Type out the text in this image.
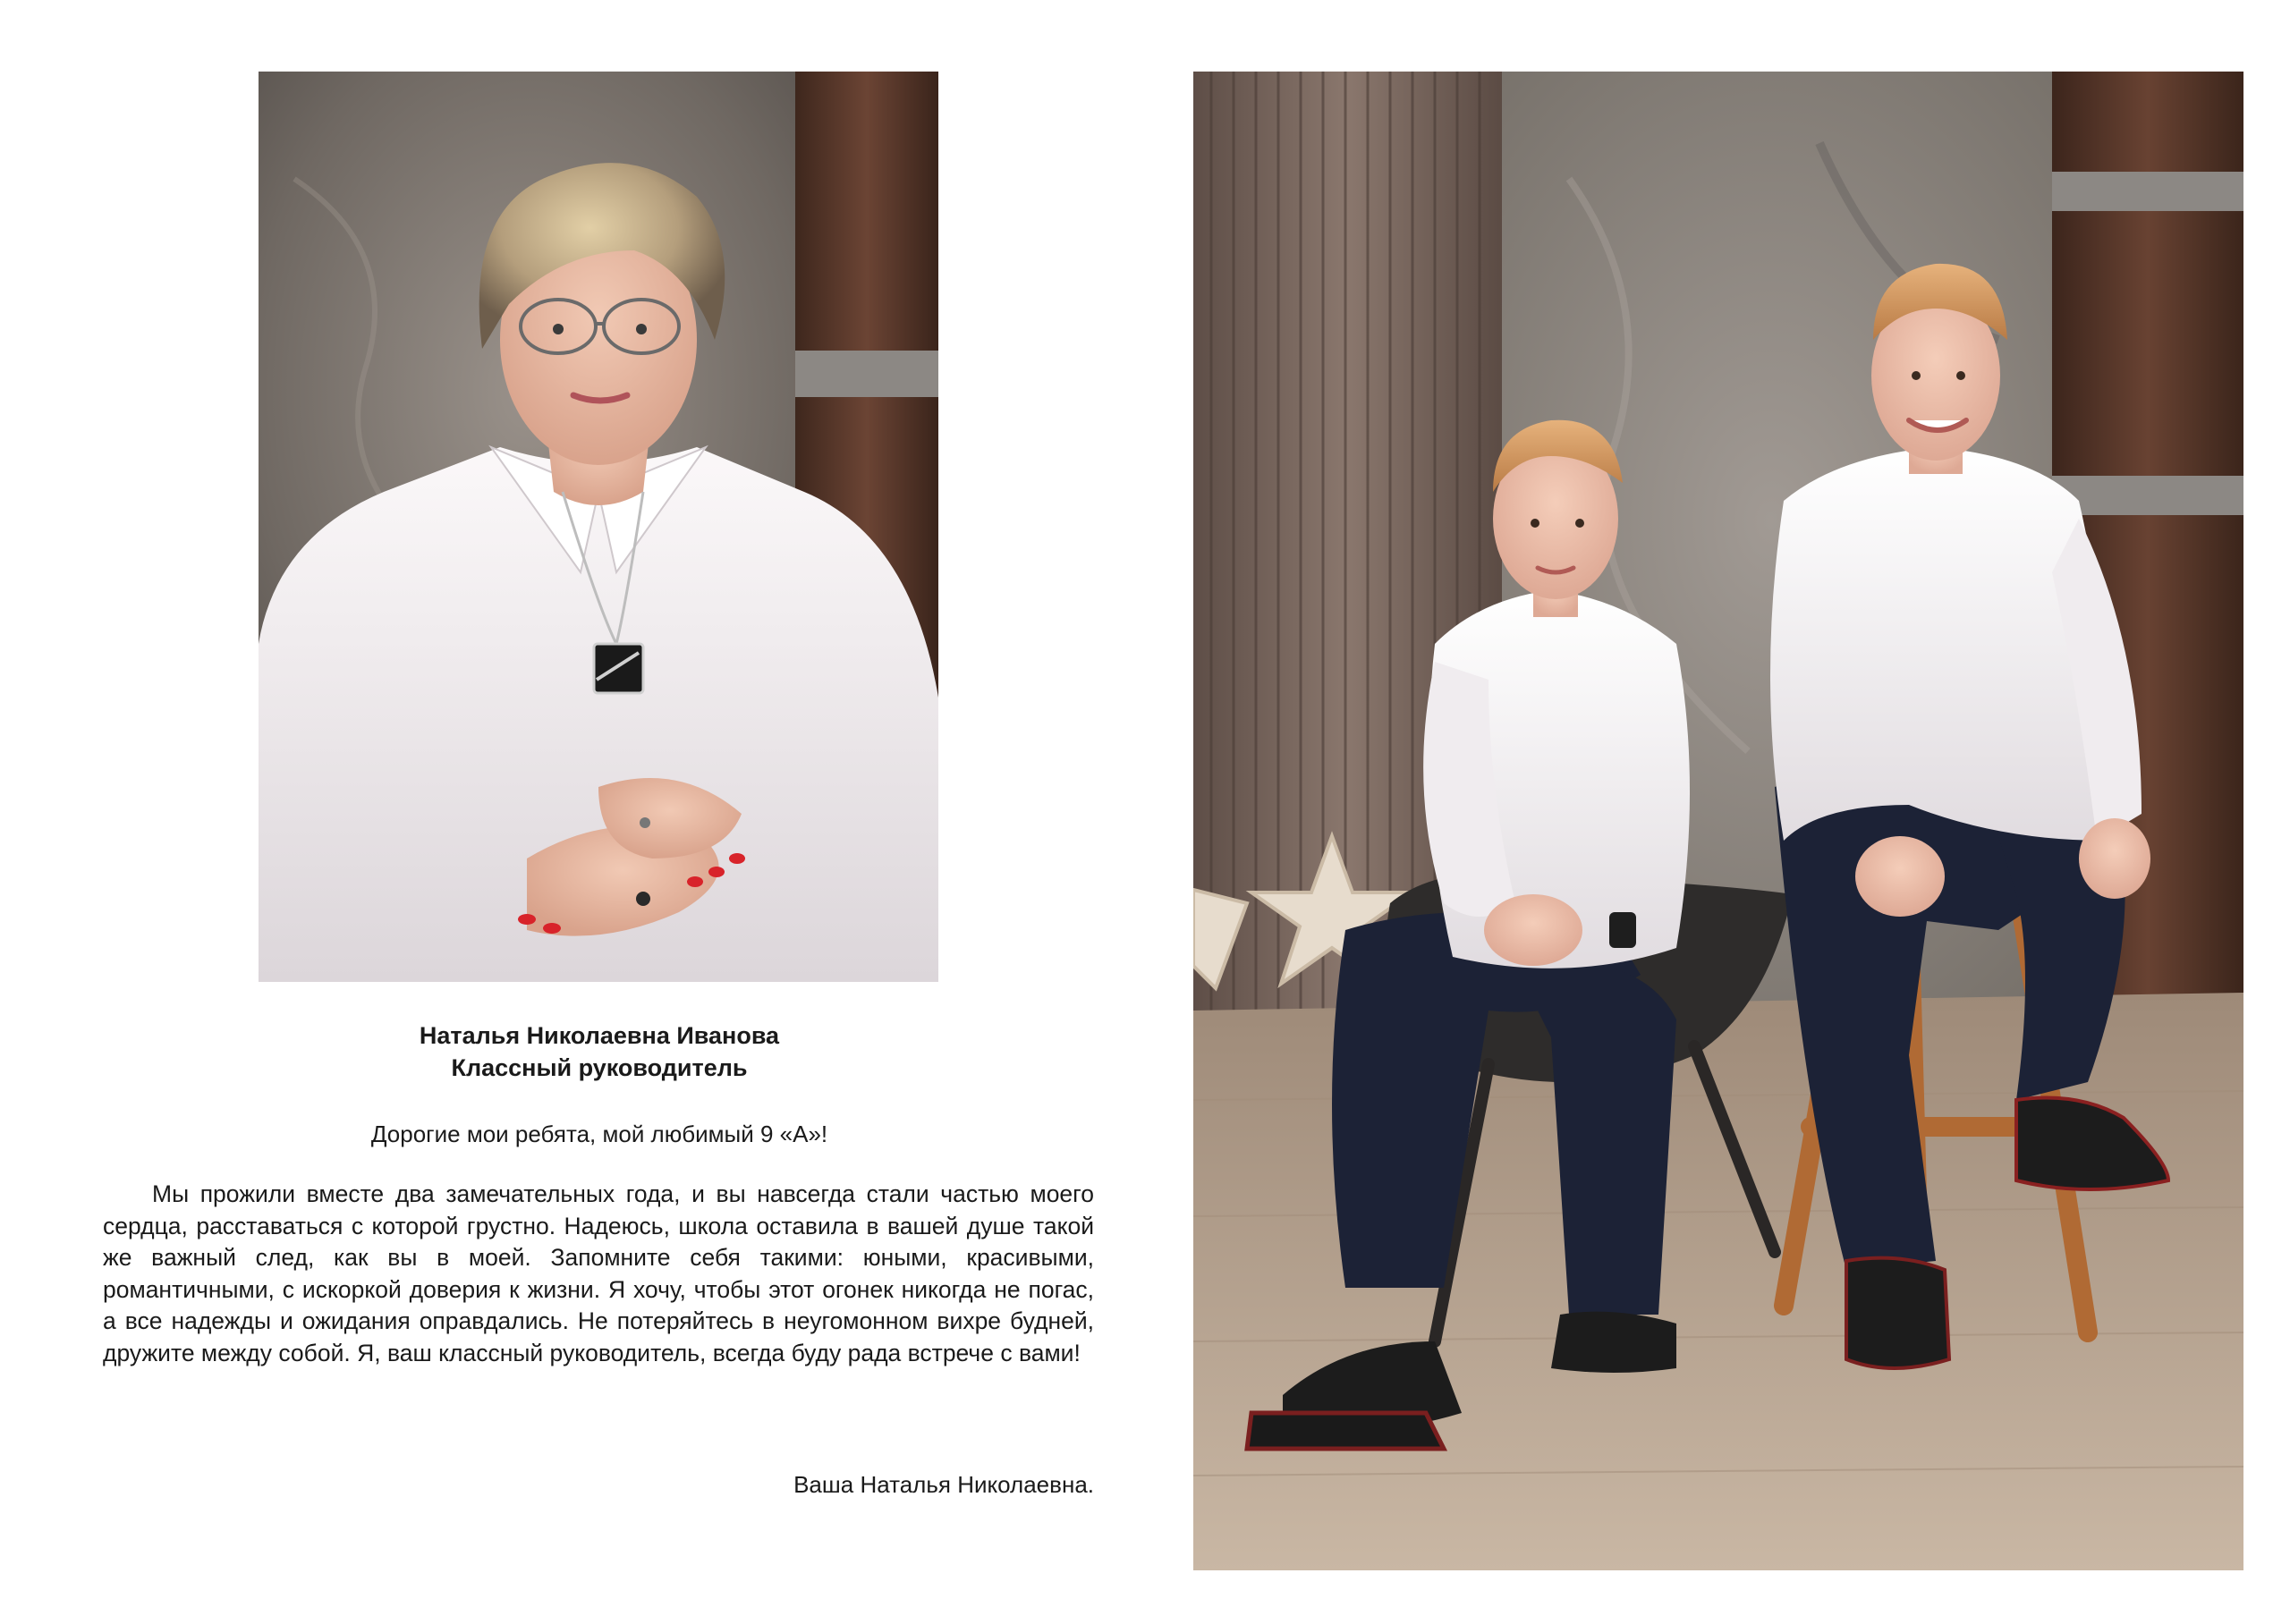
Наталья Николаевна Иванова
Классный руководитель
Дорогие мои ребята, мой любимый 9 «А»!

Мы прожили вместе два замечательных года, и вы навсегда стали частью моего сердца, расставаться с которой грустно. Надеюсь, школа оставила в вашей душе такой же важный след, как вы в моей. Запомните себя такими: юными, красивыми, романтичными, с искоркой доверия к жизни. Я хочу, чтобы этот огонек никогда не погас, а все надежды и ожидания оправдались. Не потеряйтесь в неугомонном вихре будней, дружите между собой. Я, ваш классный руководитель, всегда буду рада встрече с вами!

Ваша Наталья Николаевна.
